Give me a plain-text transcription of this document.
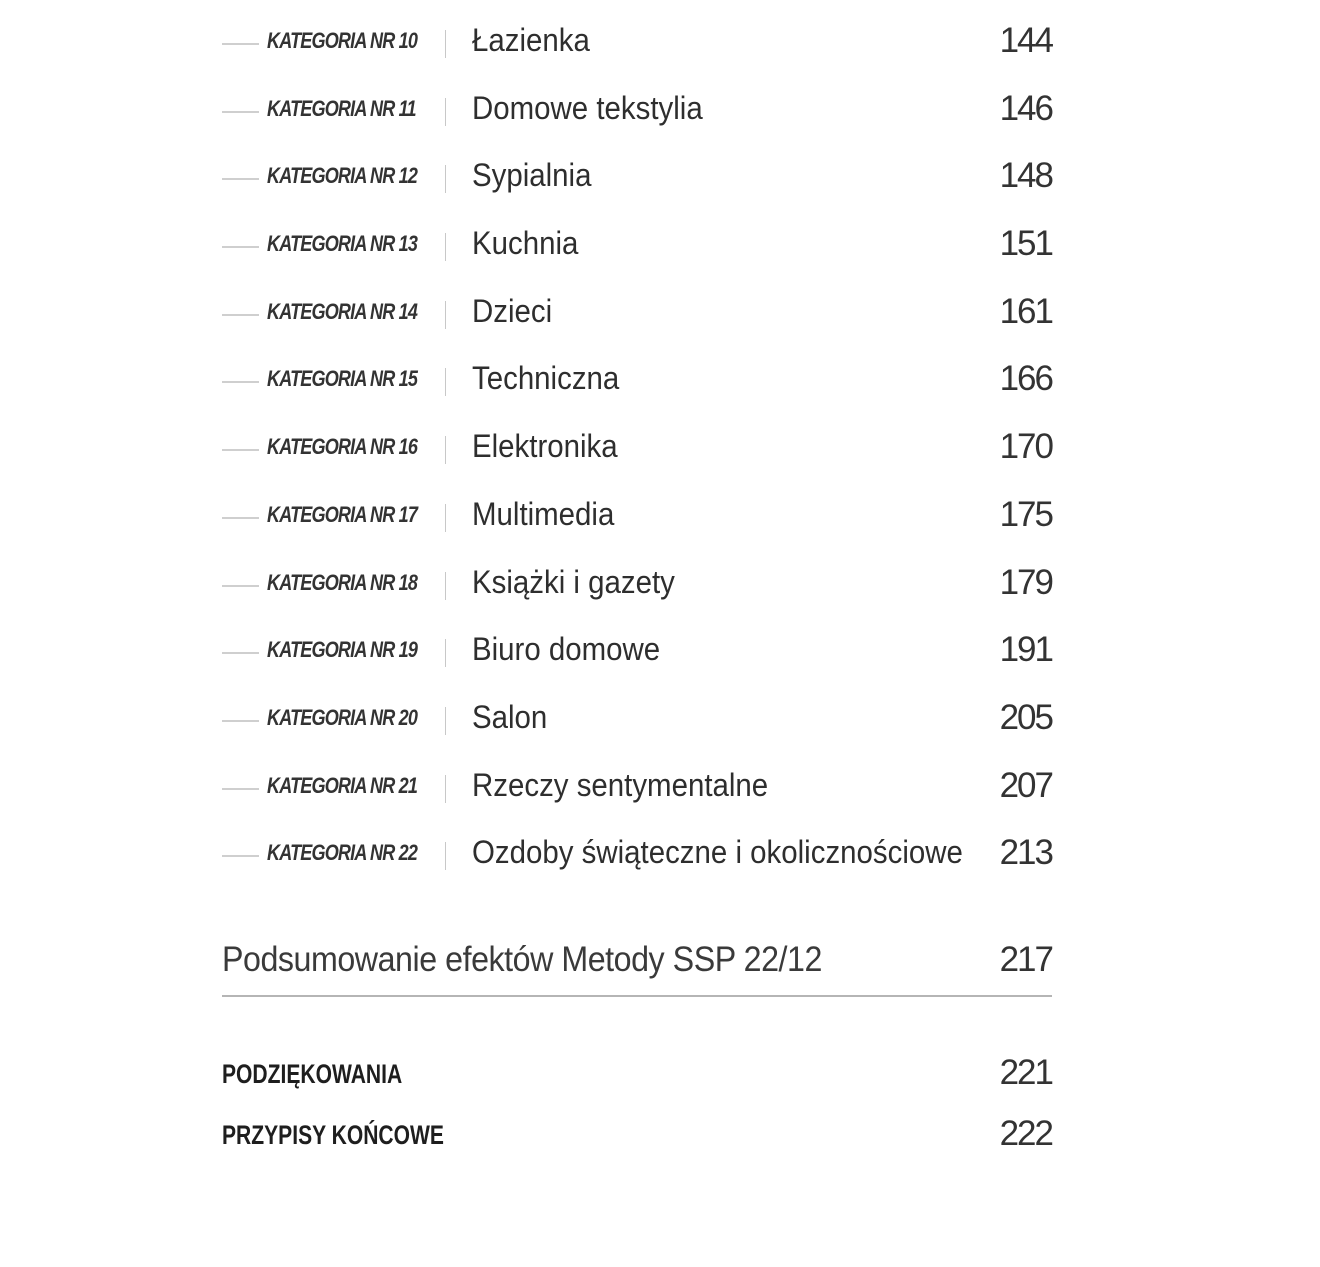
KATEGORIA NR 10 Łazienka	144
KATEGORIA NR 11 Domowe tekstylia	146
KATEGORIA NR 12 Sypialnia	148
KATEGORIA NR 13 Kuchnia	151
KATEGORIA NR 14 Dzieci	161
KATEGORIA NR 15 Techniczna	166
KATEGORIA NR 16 Elektronika	170
KATEGORIA NR 17 Multimedia	175
KATEGORIA NR 18 Książki i gazety	179
KATEGORIA NR 19 Biuro domowe	191
KATEGORIA NR 20 Salon	205
KATEGORIA NR 21 Rzeczy sentymentalne	207
KATEGORIA NR 22 Ozdoby świąteczne i okolicznościowe 213
Podsumowanie efektów Metody SSP 22/12	217
PODZIĘKOWANIA	221
PRZYPISY KOŃCOWE	222
